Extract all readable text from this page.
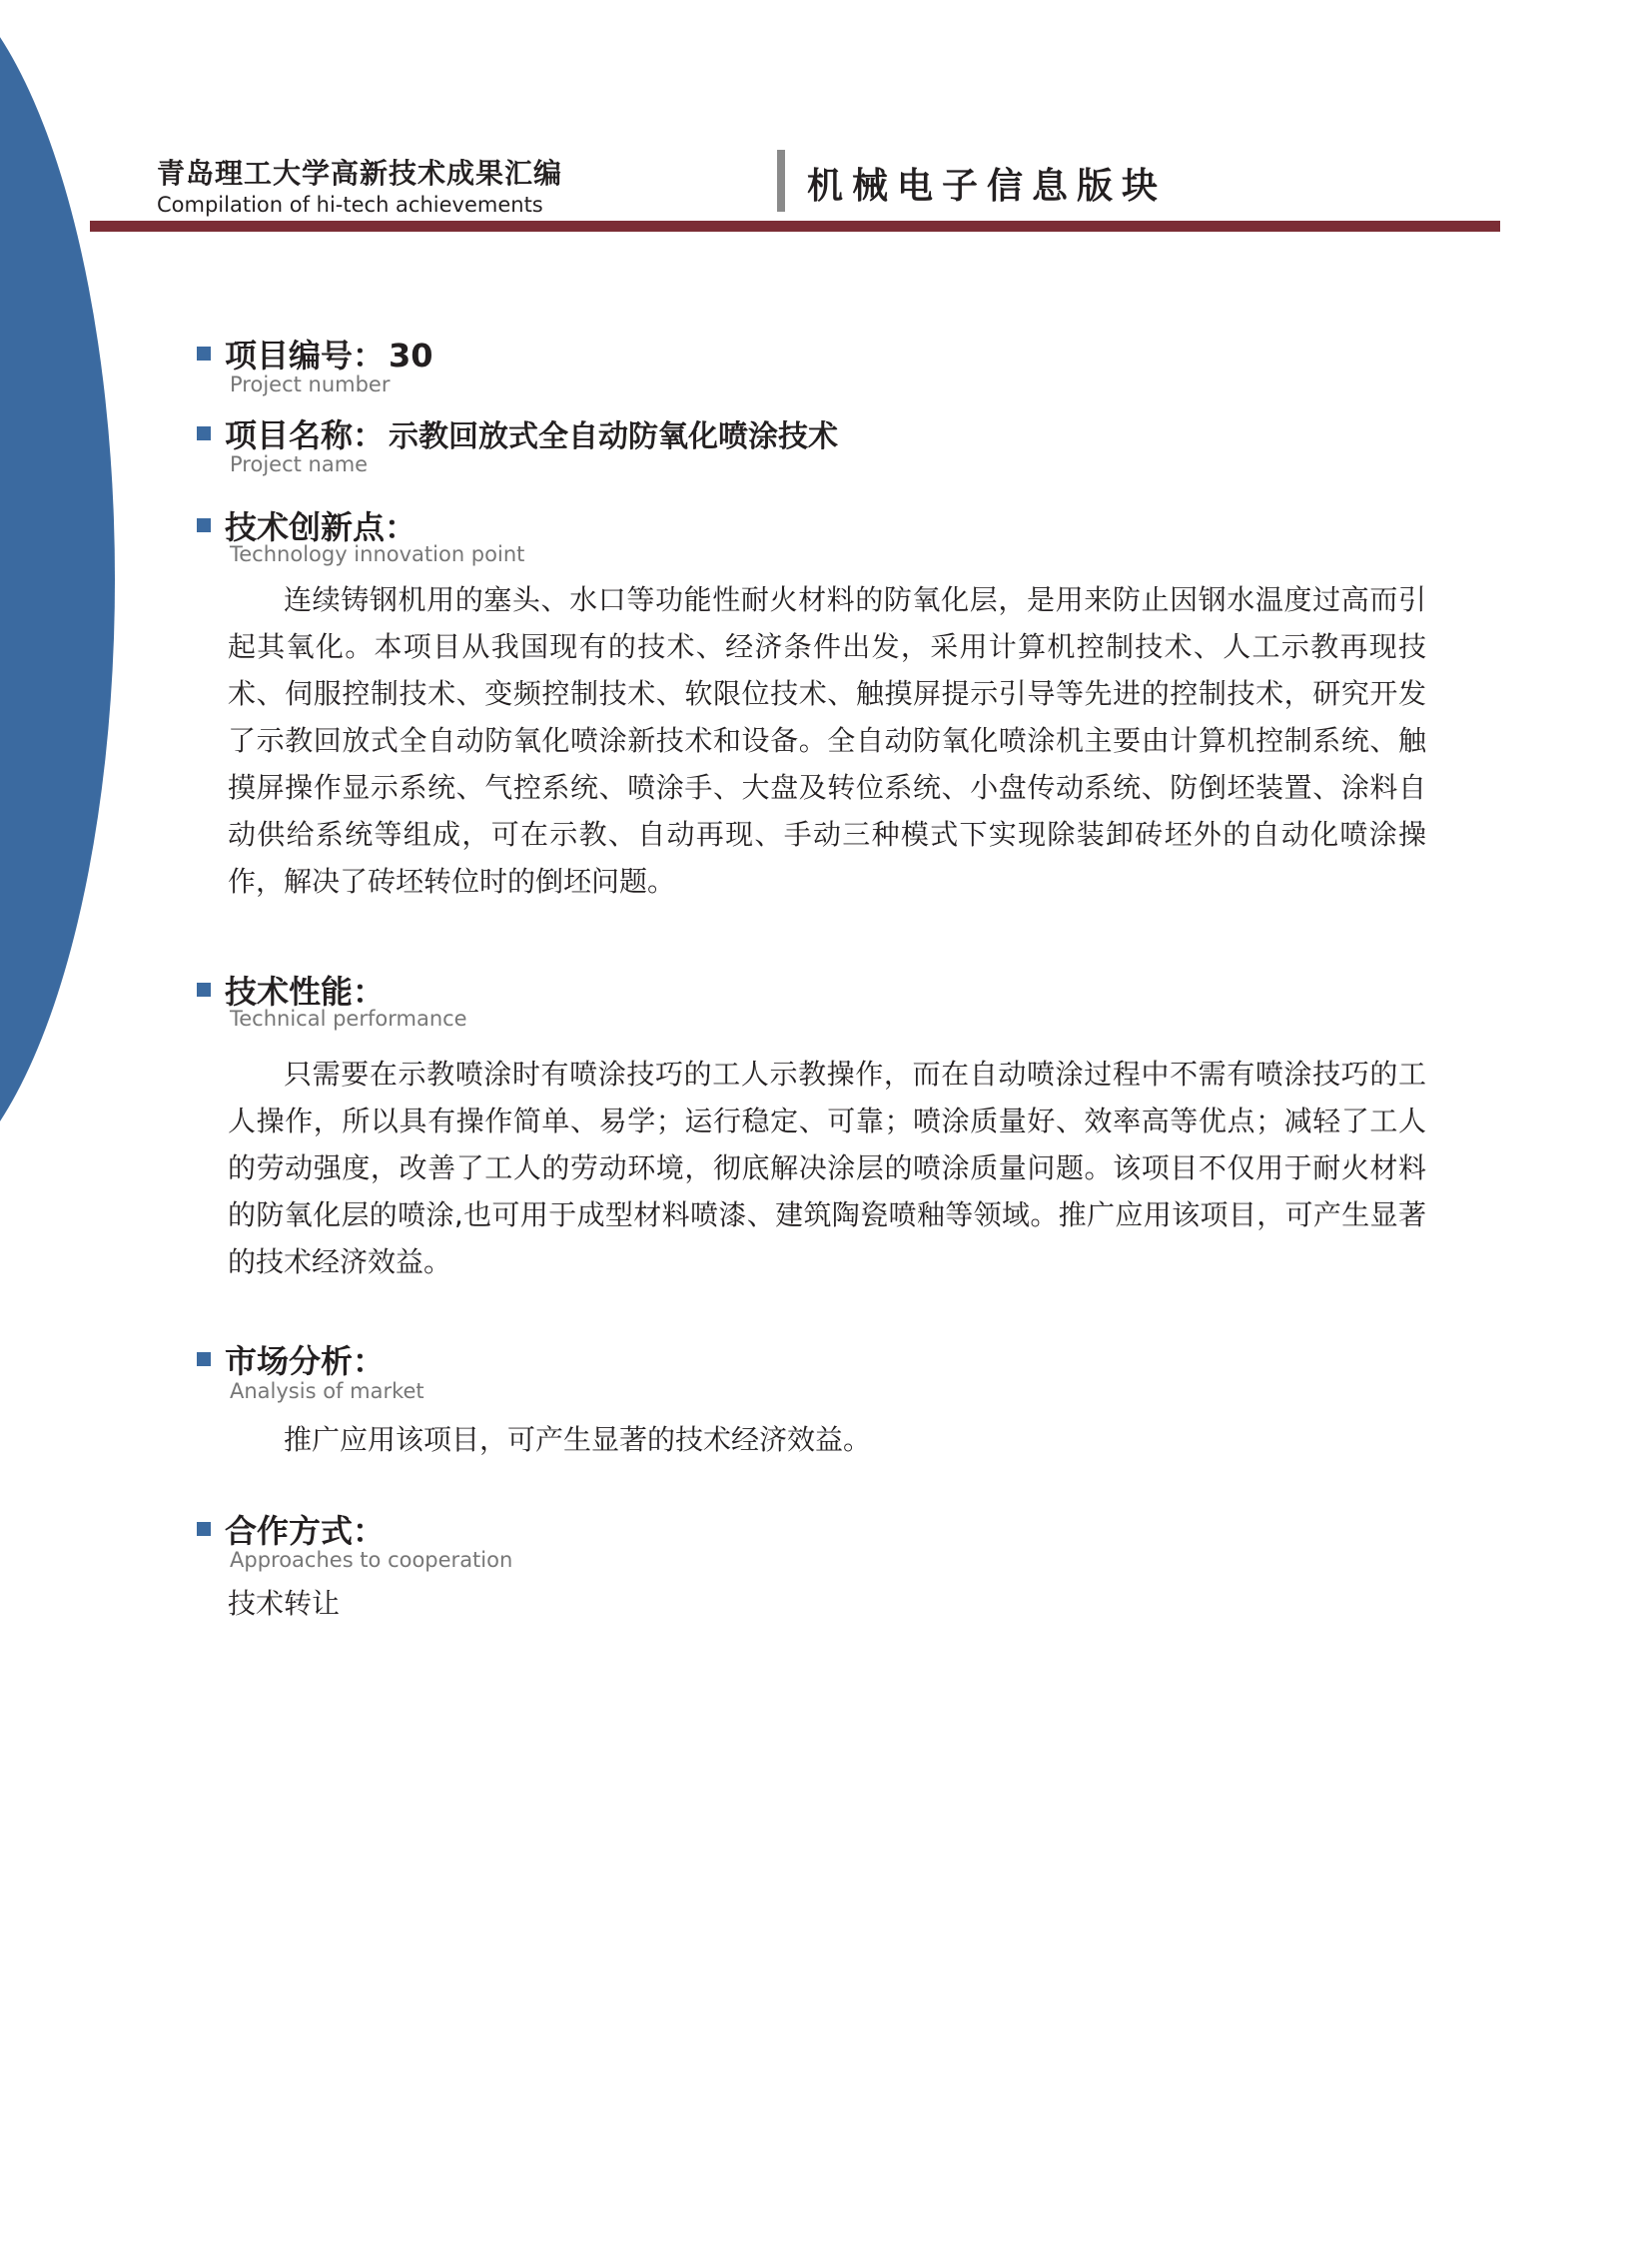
青岛理工大学高新技术成果汇编
Compilation of hi-tech achievements	机械电子信息版块
项目编号： 30
Project number
项目名称： 示教回放式全自动防氧化喷涂技术
Project name
技术创新点：
Technology innovation point
连续铸钢机用的塞头、水口等功能性耐火材料的防氧化层，是用来防止因钢水温度过高而引起其氧化。本项目从我国现有的技术、经济条件出发，采用计算机控制技术、人工示教再现技术、伺服控制技术、变频控制技术、软限位技术、触摸屏提示引导等先进的控制技术，研究开发了示教回放式全自动防氧化喷涂新技术和设备。全自动防氧化喷涂机主要由计算机控制系统、触摸屏操作显示系统、气控系统、喷涂手、大盘及转位系统、小盘传动系统、防倒坯装置、涂料自动供给系统等组成，可在示教、自动再现、手动三种模式下实现除装卸砖坯外的自动化喷涂操作，解决了砖坯转位时的倒坯问题。
技术性能：
Technical performance
只需要在示教喷涂时有喷涂技巧的工人示教操作，而在自动喷涂过程中不需有喷涂技巧的工人操作，所以具有操作简单、易学；运行稳定、可靠；喷涂质量好、效率高等优点；减轻了工人的劳动强度，改善了工人的劳动环境，彻底解决涂层的喷涂质量问题。该项目不仅用于耐火材料的防氧化层的喷涂,也可用于成型材料喷漆、建筑陶瓷喷釉等领域。推广应用该项目，可产生显著的技术经济效益。
市场分析：
Analysis of market
推广应用该项目，可产生显著的技术经济效益。
合作方式：
Approaches to cooperation
技术转让
